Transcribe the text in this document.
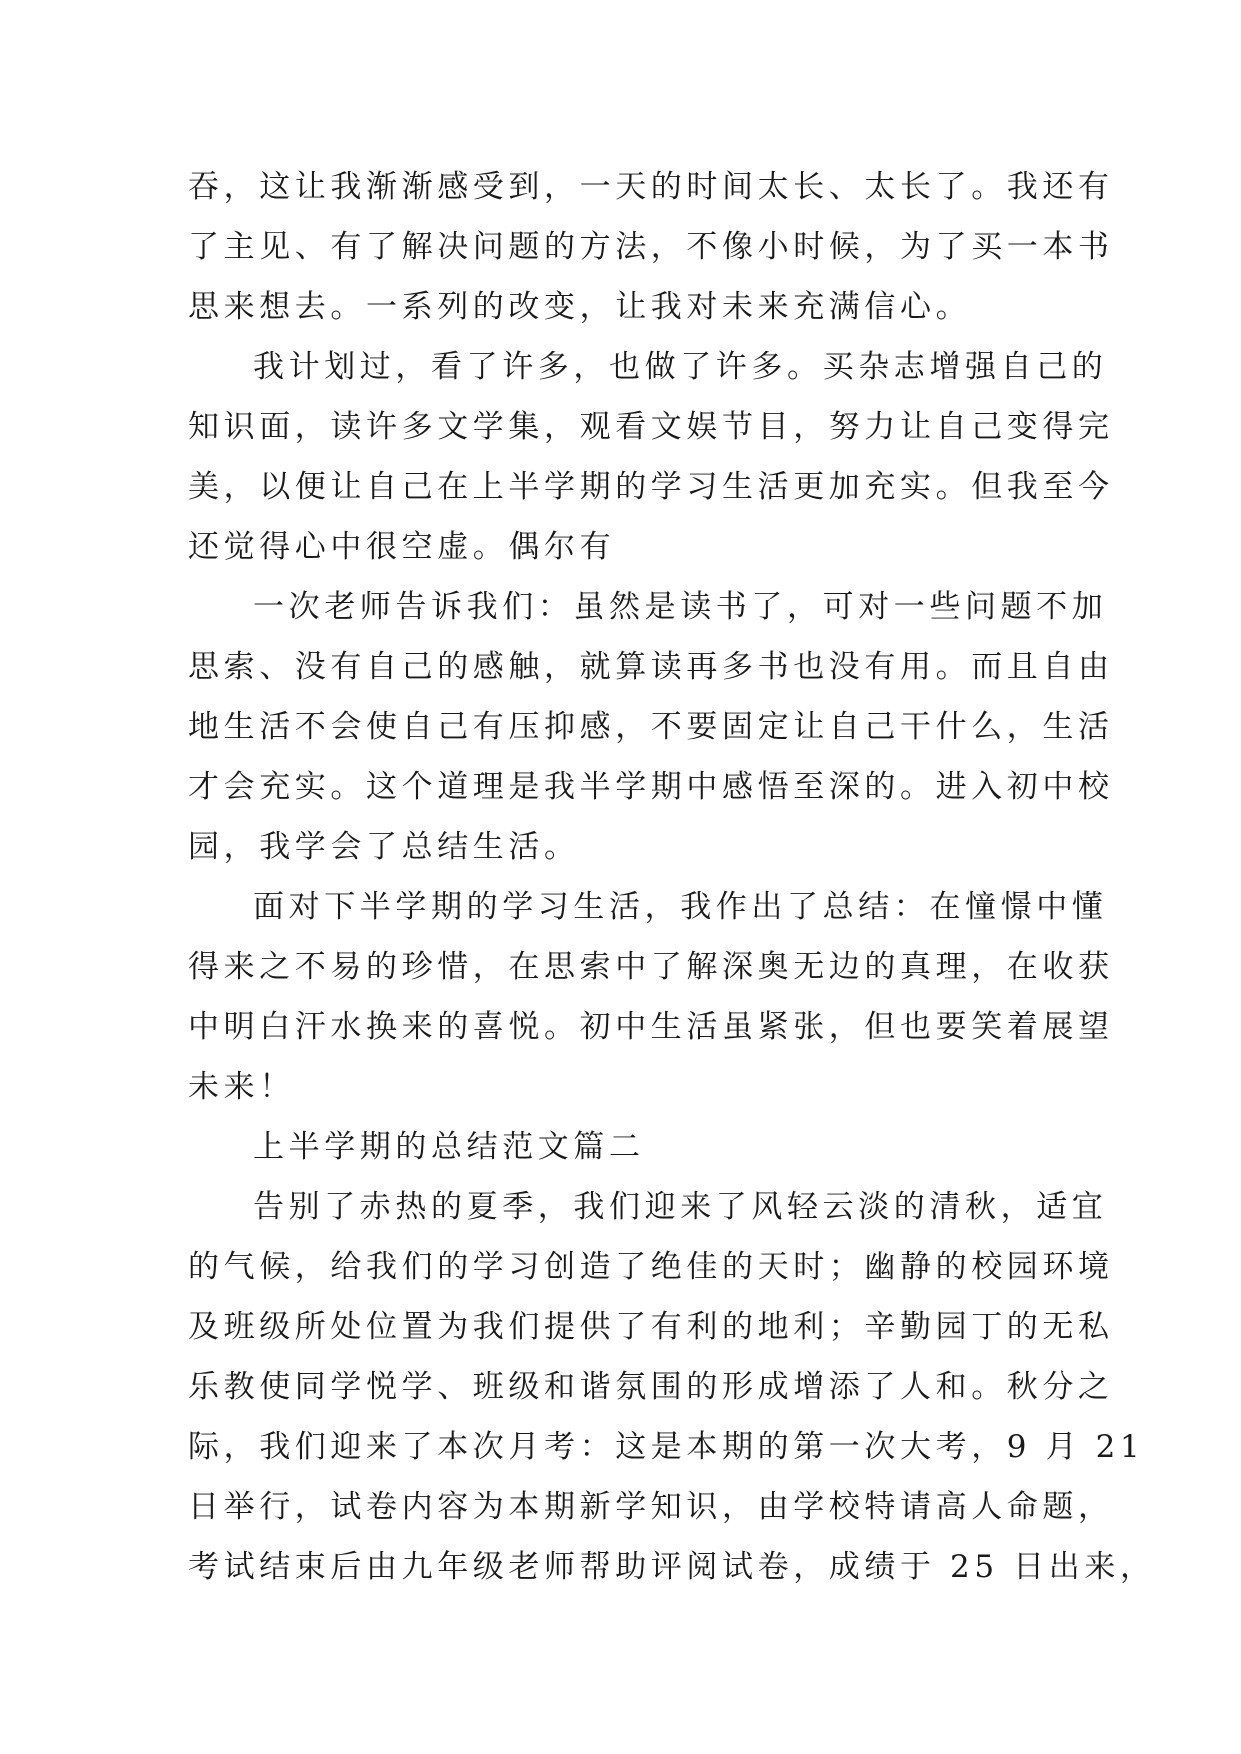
吞，这让我渐渐感受到，一天的时间太长、太长了。我还有
了主见、有了解决问题的方法，不像小时候，为了买一本书
思来想去。一系列的改变，让我对未来充满信心。
我计划过，看了许多，也做了许多。买杂志增强自己的
知识面，读许多文学集，观看文娱节目，努力让自己变得完
美，以便让自己在上半学期的学习生活更加充实。但我至今
还觉得心中很空虚。偶尔有
一次老师告诉我们：虽然是读书了，可对一些问题不加
思索、没有自己的感触，就算读再多书也没有用。而且自由
地生活不会使自己有压抑感，不要固定让自己干什么，生活
才会充实。这个道理是我半学期中感悟至深的。进入初中校
园，我学会了总结生活。
面对下半学期的学习生活，我作出了总结：在憧憬中懂
得来之不易的珍惜，在思索中了解深奥无边的真理，在收获
中明白汗水换来的喜悦。初中生活虽紧张，但也要笑着展望
未来！
上半学期的总结范文篇二
告别了赤热的夏季，我们迎来了风轻云淡的清秋，适宜
的气候，给我们的学习创造了绝佳的天时；幽静的校园环境
及班级所处位置为我们提供了有利的地利；辛勤园丁的无私
乐教使同学悦学、班级和谐氛围的形成增添了人和。秋分之
际，我们迎来了本次月考：这是本期的第一次大考，9 月 21
日举行，试卷内容为本期新学知识，由学校特请高人命题，
考试结束后由九年级老师帮助评阅试卷，成绩于 25 日出来，
